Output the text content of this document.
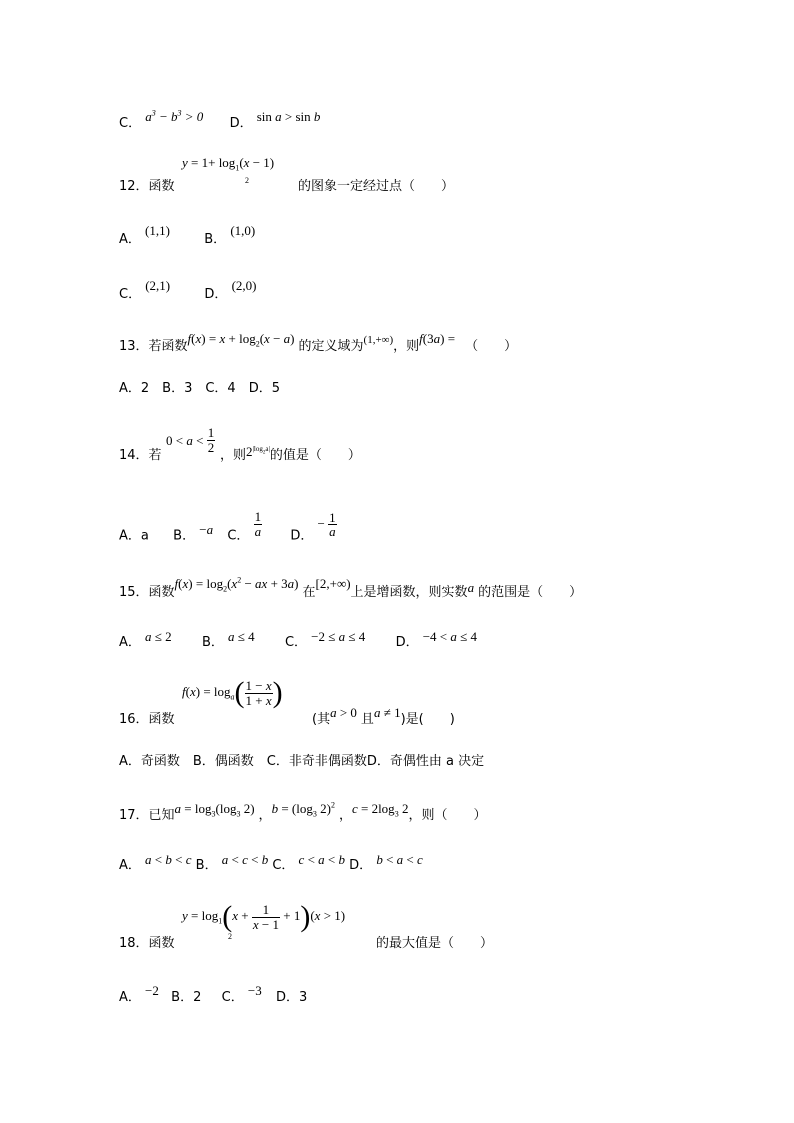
C． $a^3 - b^3 > 0$ D． sin a > sin b
$y = 1+ \log_1(x - 1)$
2
12．函数	的图象一定经过点（　　）
A． (1,1)  B． (1,0)
C． (2,1)  D． (2,0)
13．若函数$f(x) = x + \log_2(x - a)$的定义域为$^{(1,+\infty)}$，则f(3a) =（　　）
A．2　B．3　C．4　D．5
$0 < a < \frac{1}{2}$
14．若	，则$2^{|log_2a|}$的值是（　　）
A．a B． −a C． $\frac{1}{a}$ D． − $\frac{1}{a}$
15．函数$f(x) = \log_2(x^2$ − ax + 3a)在[2,+∞)上是增函数，则实数a 的范围是（　　）
A． a ≤ 2 B． a ≤ 4 C． −2 ≤ a ≤ 4 D． −4 < a ≤ 4
$f(x) = \log_a( \frac{1 - x}{1 + x}$ )
16．函数	(其a > 0 且a ≠ 1)是(　　)
A．奇函数　B．偶函数　C．非奇非偶函数D．奇偶性由 a 决定
17．已知$a = \log_3(\log_3$ 2) ，$b = (\log_3$ 2)$^2$，$c = 2\log_3$ 2，则（　　）
A． a < b < c B． a < c < b C． c < a < b D． b < a < c
$y = \log_1(x + \frac{1}{x - 1} + 1)(x > 1)$
2
18．函数	的最大值是（　　）
A． −2 B．2 C． −3 D．3
